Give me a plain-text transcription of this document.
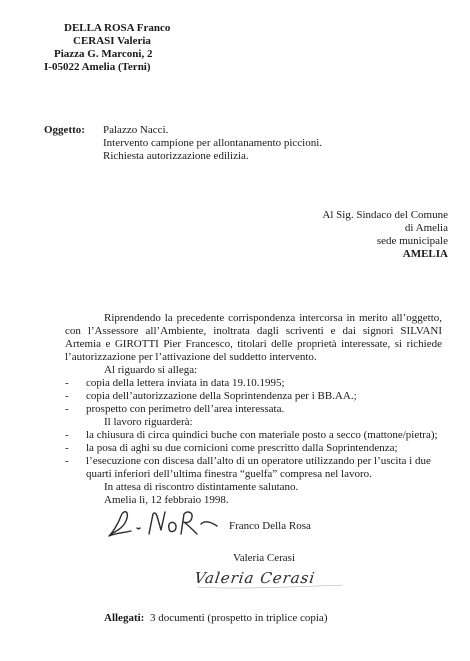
DELLA ROSA Franco
CERASI Valeria
Piazza G. Marconi, 2
I-05022 Amelia (Terni)
Oggetto: Palazzo Nacci.
Intervento campione per allontanamento piccioni.
Richiesta autorizzazione edilizia.
Al Sig. Sindaco del Comune
di Amelia
sede municipale
AMELIA

Riprendendo la precedente corrispondenza intercorsa in merito all’oggetto, con l’Assessore all’Ambiente, inoltrata dagli scriventi e dai signori SILVANI Artemia e GIROTTI Pier Francesco, titolari delle proprietà interessate, si richiede l’autorizzazione per l’attivazione del suddetto intervento.

Al riguardo si allega:
- copia della lettera inviata in data 19.10.1995;
- copia dell’autorizzazione della Soprintendenza per i BB.AA.;
- prospetto con perimetro dell’area interessata.
Il lavoro riguarderà:
- la chiusura di circa quindici buche con materiale posto a secco (mattone/pietra);
- la posa di aghi su due cornicioni come prescritto dalla Soprintendenza;
- l’esecuzione con discesa dall’alto di un operatore utilizzando per l’uscita i due quarti inferiori dell’ultima finestra “guelfa” compresa nel lavoro.
In attesa di riscontro distintamente salutano.
Amelia lì, 12 febbraio 1998.
Franco Della Rosa
Valeria Cerasi
Valeria Cerasi
Allegati: 3 documenti (prospetto in triplice copia)
